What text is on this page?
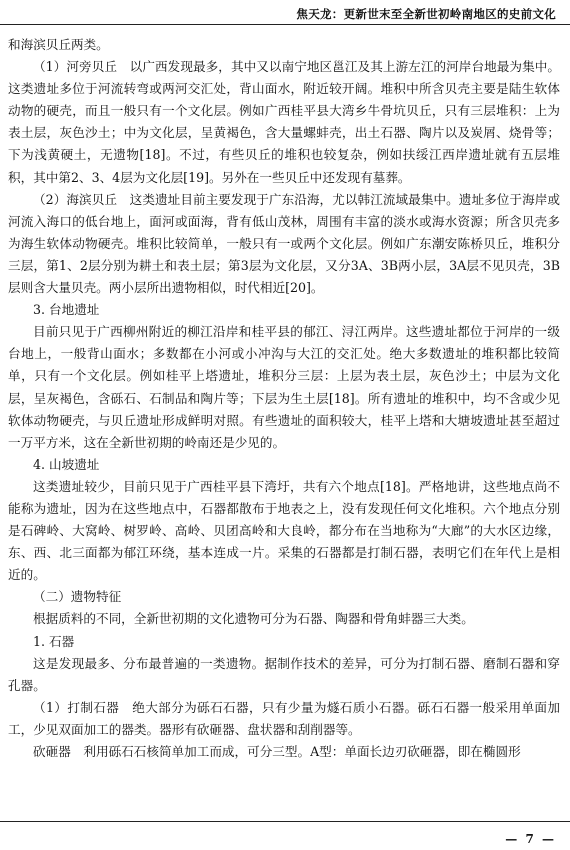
焦天龙：更新世末至全新世初岭南地区的史前文化

和海滨贝丘两类。

（1）河旁贝丘　以广西发现最多，其中又以南宁地区邕江及其上游左江的河岸台地最为集中。这类遗址多位于河流转弯或两河交汇处，背山面水，附近较开阔。堆积中所含贝壳主要是陆生软体动物的硬壳，而且一般只有一个文化层。例如广西桂平县大湾乡牛骨坑贝丘，只有三层堆积：上为表土层，灰色沙土；中为文化层，呈黄褐色，含大量螺蚌壳，出土石器、陶片以及炭屑、烧骨等；下为浅黄硬土，无遗物[18]。不过，有些贝丘的堆积也较复杂，例如扶绥江西岸遗址就有五层堆积，其中第2、3、4层为文化层[19]。另外在一些贝丘中还发现有墓葬。

（2）海滨贝丘　这类遗址目前主要发现于广东沿海，尤以韩江流域最集中。遗址多位于海岸或河流入海口的低台地上，面河或面海，背有低山茂林，周围有丰富的淡水或海水资源；所含贝壳多为海生软体动物硬壳。堆积比较简单，一般只有一或两个文化层。例如广东潮安陈桥贝丘，堆积分三层，第1、2层分别为耕土和表土层；第3层为文化层，又分3A、3B两小层，3A层不见贝壳，3B层则含大量贝壳。两小层所出遗物相似，时代相近[20]。

3. 台地遗址

目前只见于广西柳州附近的柳江沿岸和桂平县的郁江、浔江两岸。这些遗址都位于河岸的一级台地上，一般背山面水；多数都在小河或小冲沟与大江的交汇处。绝大多数遗址的堆积都比较简单，只有一个文化层。例如桂平上塔遗址，堆积分三层：上层为表土层，灰色沙土；中层为文化层，呈灰褐色，含砾石、石制品和陶片等；下层为生土层[18]。所有遗址的堆积中，均不含或少见软体动物硬壳，与贝丘遗址形成鲜明对照。有些遗址的面积较大，桂平上塔和大塘坡遗址甚至超过一万平方米，这在全新世初期的岭南还是少见的。

4. 山坡遗址

这类遗址较少，目前只见于广西桂平县下湾圩，共有六个地点[18]。严格地讲，这些地点尚不能称为遗址，因为在这些地点中，石器都散布于地表之上，没有发现任何文化堆积。六个地点分别是石碑岭、大窝岭、树罗岭、高岭、贝团高岭和大良岭，都分布在当地称为“大廊”的大水区边缘，东、西、北三面都为郁江环绕，基本连成一片。采集的石器都是打制石器，表明它们在年代上是相近的。

（二）遗物特征

根据质料的不同，全新世初期的文化遗物可分为石器、陶器和骨角蚌器三大类。

1. 石器

这是发现最多、分布最普遍的一类遗物。据制作技术的差异，可分为打制石器、磨制石器和穿孔器。

（1）打制石器　绝大部分为砾石石器，只有少量为燧石质小石器。砾石石器一般采用单面加工，少见双面加工的器类。器形有砍砸器、盘状器和刮削器等。

砍砸器　利用砾石石核简单加工而成，可分三型。A型：单面长边刃砍砸器，即在椭圆形

— 7 —
